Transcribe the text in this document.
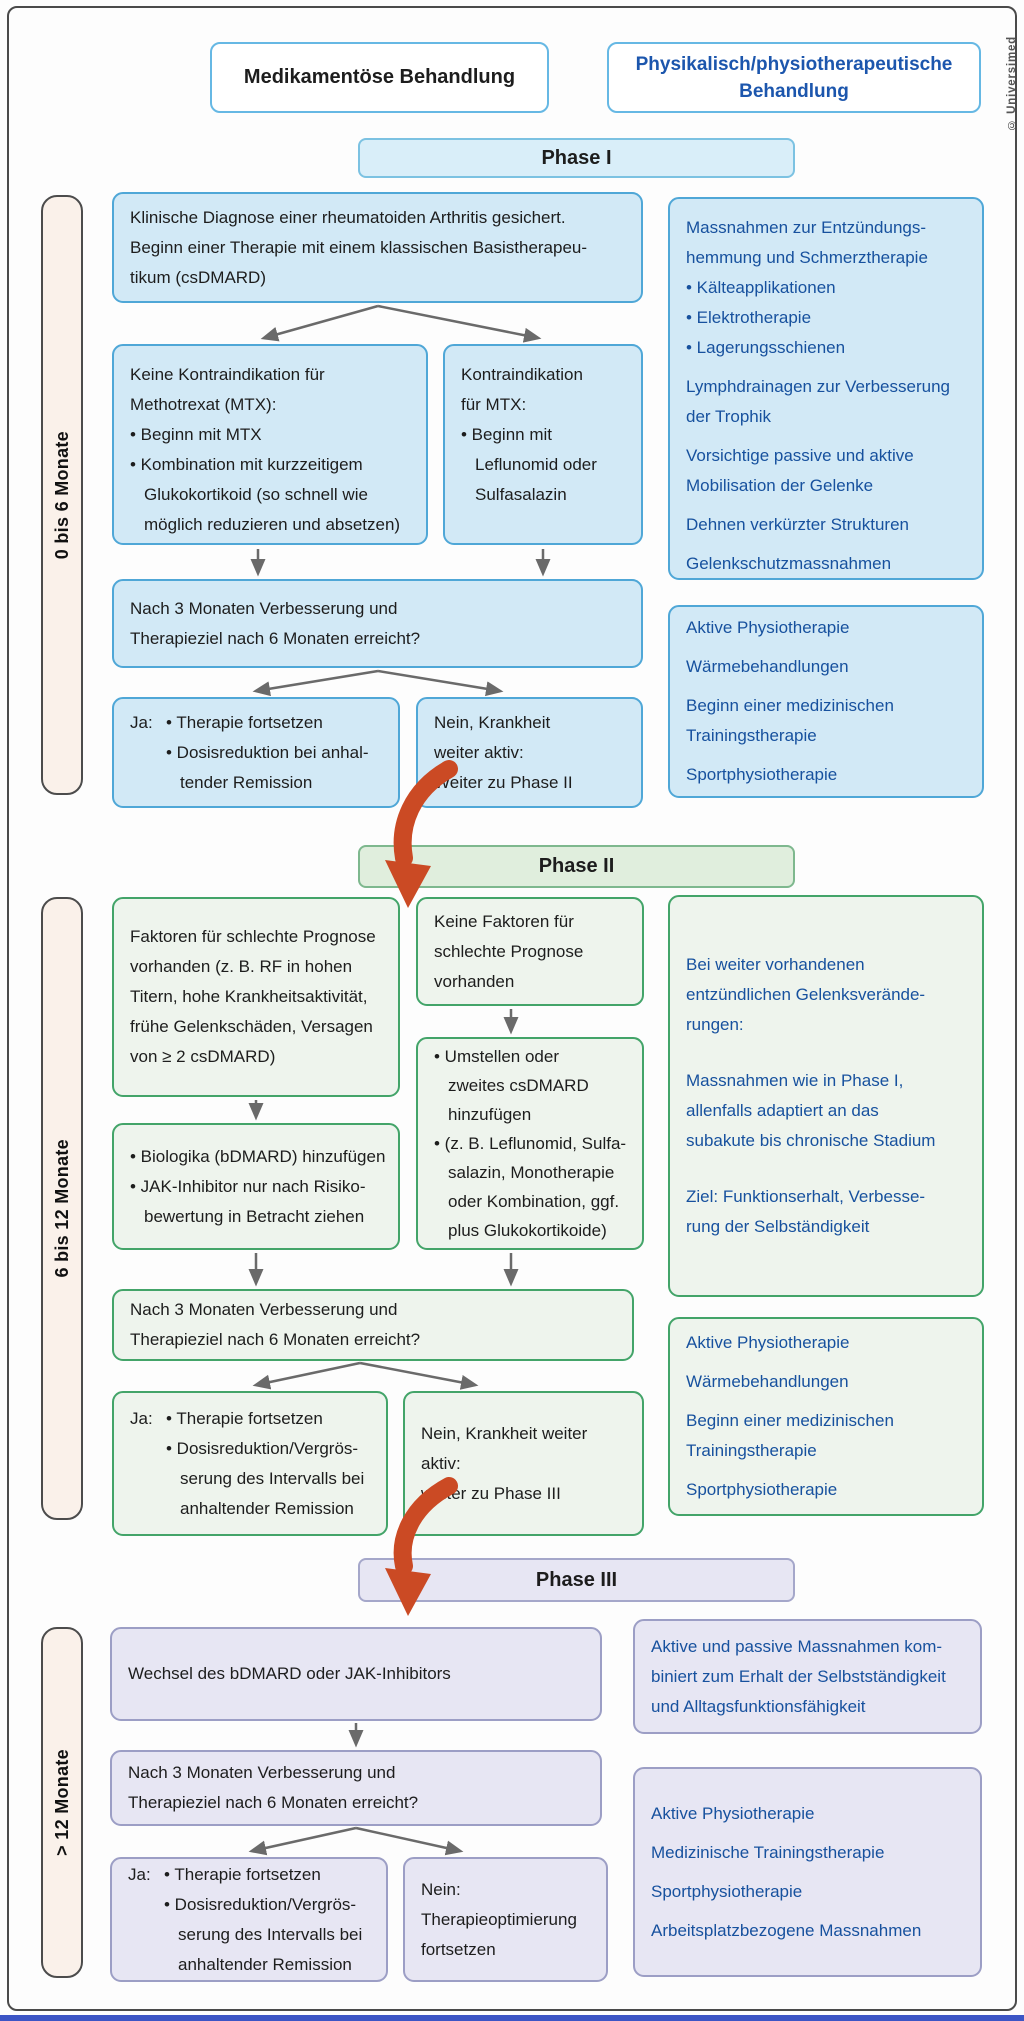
Medikamentöse Behandlung
Physikalisch/physiotherapeutische
Behandlung	© Universimed
Phase I
Phase II
Phase III
0 bis 6 Monate
6 bis 12 Monate
> 12 Monate
Klinische Diagnose einer rheumatoiden Arthritis gesichert.
Beginn einer Therapie mit einem klassischen Basistherapeu-
tikum (csDMARD)
Keine Kontraindikation für
Methotrexat (MTX):
• Beginn mit MTX
• Kombination mit kurzzeitigem
Glukokortikoid (so schnell wie
möglich reduzieren und absetzen)
Kontraindikation
für MTX:
• Beginn mit
Leflunomid oder
Sulfasalazin
Nach 3 Monaten Verbesserung und
Therapieziel nach 6 Monaten erreicht?
Ja: • Therapie fortsetzen
• Dosisreduktion bei anhal-
tender Remission
Nein, Krankheit
weiter aktiv:
Weiter zu Phase II
Massnahmen zur Entzündungs-
hemmung und Schmerztherapie
• Kälteapplikationen
• Elektrotherapie
• Lagerungsschienen
Lymphdrainagen zur Verbesserung
der Trophik
Vorsichtige passive und aktive
Mobilisation der Gelenke
Dehnen verkürzter Strukturen
Gelenkschutzmassnahmen
Aktive Physiotherapie
Wärmebehandlungen
Beginn einer medizinischen
Trainingstherapie
Sportphysiotherapie
Faktoren für schlechte Prognose
vorhanden (z. B. RF in hohen
Titern, hohe Krankheitsaktivität,
frühe Gelenkschäden, Versagen
von ≥ 2 csDMARD)
Keine Faktoren für
schlechte Prognose
vorhanden
• Biologika (bDMARD) hinzufügen
• JAK-Inhibitor nur nach Risiko-
bewertung in Betracht ziehen
• Umstellen oder
zweites csDMARD
hinzufügen
• (z. B. Leflunomid, Sulfa-
salazin, Monotherapie
oder Kombination, ggf.
plus Glukokortikoide)
Nach 3 Monaten Verbesserung und
Therapieziel nach 6 Monaten erreicht?
Ja: • Therapie fortsetzen
• Dosisreduktion/Vergrös-
serung des Intervalls bei
anhaltender Remission
Nein, Krankheit weiter
aktiv:
weiter zu Phase III
Bei weiter vorhandenen
entzündlichen Gelenksverände-
rungen:
Massnahmen wie in Phase I,
allenfalls adaptiert an das
subakute bis chronische Stadium
Ziel: Funktionserhalt, Verbesse-
rung der Selbständigkeit
Aktive Physiotherapie
Wärmebehandlungen
Beginn einer medizinischen
Trainingstherapie
Sportphysiotherapie
Wechsel des bDMARD oder JAK-Inhibitors
Nach 3 Monaten Verbesserung und
Therapieziel nach 6 Monaten erreicht?
Ja: • Therapie fortsetzen
• Dosisreduktion/Vergrös-
serung des Intervalls bei
anhaltender Remission
Nein:
Therapieoptimierung
fortsetzen
Aktive und passive Massnahmen kom-
biniert zum Erhalt der Selbstständigkeit
und Alltagsfunktionsfähigkeit
Aktive Physiotherapie
Medizinische Trainingstherapie
Sportphysiotherapie
Arbeitsplatzbezogene Massnahmen
